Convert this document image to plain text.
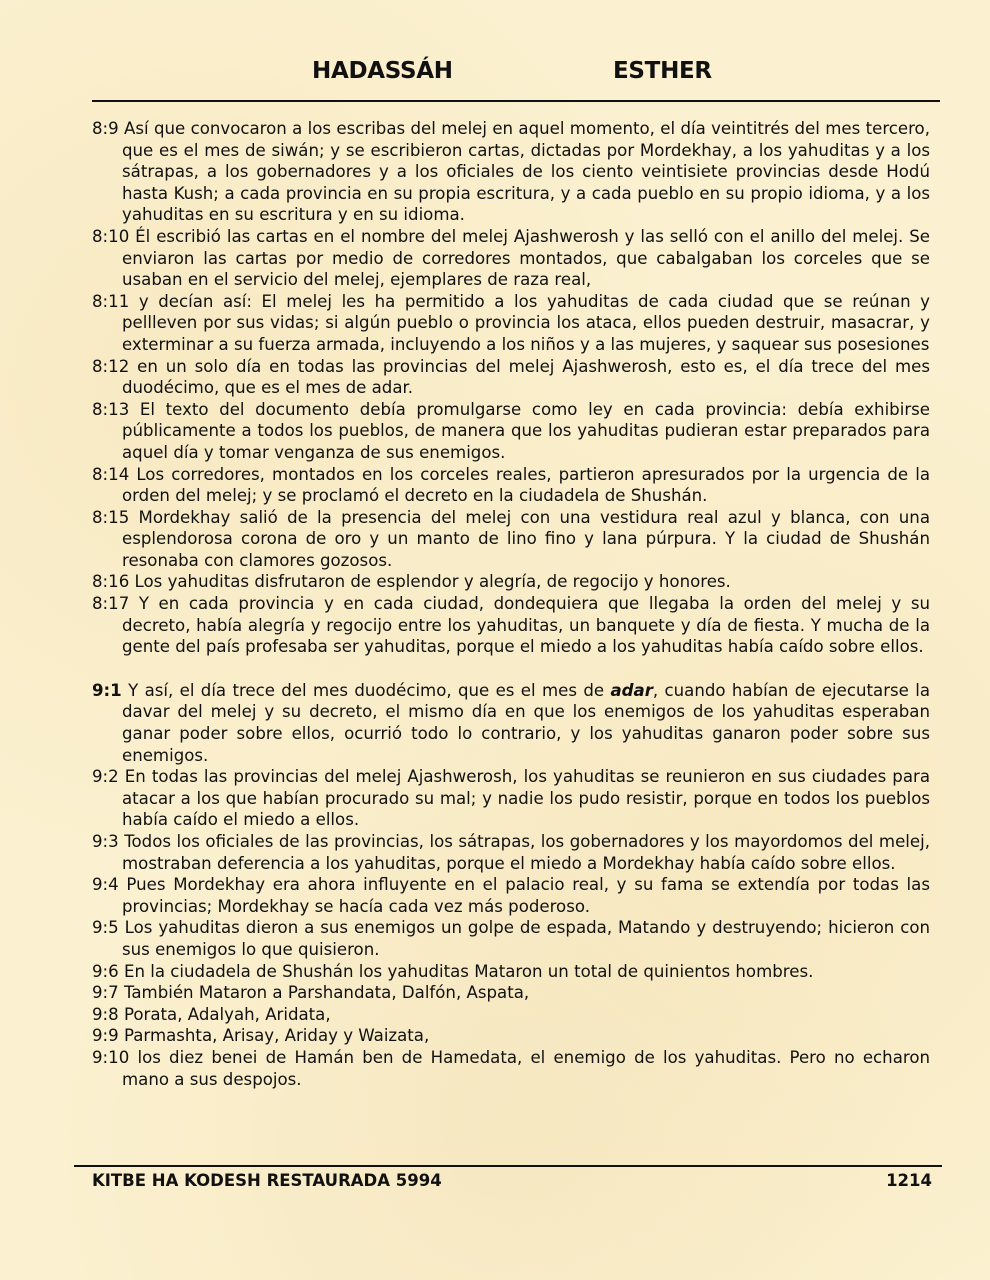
HADASSÁH	ESTHER

8:9 Así que convocaron a los escribas del melej en aquel momento, el día veintitrés del mes tercero, que es el mes de siwán; y se escribieron cartas, dictadas por Mordekhay, a los yahuditas y a los sátrapas, a los gobernadores y a los oficiales de los ciento veintisiete provincias desde Hodú hasta Kush; a cada provincia en su propia escritura, y a cada pueblo en su propio idioma, y a los yahuditas en su escritura y en su idioma.

8:10 Él escribió las cartas en el nombre del melej Ajashwerosh y las selló con el anillo del melej. Se enviaron las cartas por medio de corredores montados, que cabalgaban los corceles que se usaban en el servicio del melej, ejemplares de raza real,

8:11 y decían así: El melej les ha permitido a los yahuditas de cada ciudad que se reúnan y pellleven por sus vidas; si algún pueblo o provincia los ataca, ellos pueden destruir, masacrar, y exterminar a su fuerza armada, incluyendo a los niños y a las mujeres, y saquear sus posesiones

8:12 en un solo día en todas las provincias del melej Ajashwerosh, esto es, el día trece del mes duodécimo, que es el mes de adar.

8:13 El texto del documento debía promulgarse como ley en cada provincia: debía exhibirse públicamente a todos los pueblos, de manera que los yahuditas pudieran estar preparados para aquel día y tomar venganza de sus enemigos.

8:14 Los corredores, montados en los corceles reales, partieron apresurados por la urgencia de la orden del melej; y se proclamó el decreto en la ciudadela de Shushán.

8:15 Mordekhay salió de la presencia del melej con una vestidura real azul y blanca, con una esplendorosa corona de oro y un manto de lino fino y lana púrpura. Y la ciudad de Shushán resonaba con clamores gozosos.

8:16 Los yahuditas disfrutaron de esplendor y alegría, de regocijo y honores.

8:17 Y en cada provincia y en cada ciudad, dondequiera que llegaba la orden del melej y su decreto, había alegría y regocijo entre los yahuditas, un banquete y día de fiesta. Y mucha de la gente del país profesaba ser yahuditas, porque el miedo a los yahuditas había caído sobre ellos.

9:1 Y así, el día trece del mes duodécimo, que es el mes de adar, cuando habían de ejecutarse la davar del melej y su decreto, el mismo día en que los enemigos de los yahuditas esperaban ganar poder sobre ellos, ocurrió todo lo contrario, y los yahuditas ganaron poder sobre sus enemigos.

9:2 En todas las provincias del melej Ajashwerosh, los yahuditas se reunieron en sus ciudades para atacar a los que habían procurado su mal; y nadie los pudo resistir, porque en todos los pueblos había caído el miedo a ellos.

9:3 Todos los oficiales de las provincias, los sátrapas, los gobernadores y los mayordomos del melej, mostraban deferencia a los yahuditas, porque el miedo a Mordekhay había caído sobre ellos.

9:4 Pues Mordekhay era ahora influyente en el palacio real, y su fama se extendía por todas las provincias; Mordekhay se hacía cada vez más poderoso.

9:5 Los yahuditas dieron a sus enemigos un golpe de espada, Matando y destruyendo; hicieron con sus enemigos lo que quisieron.

9:6 En la ciudadela de Shushán los yahuditas Mataron un total de quinientos hombres.

9:7 También Mataron a Parshandata, Dalfón, Aspata,

9:8 Porata, Adalyah, Aridata,

9:9 Parmashta, Arisay, Ariday y Waizata,

9:10 los diez benei de Hamán ben de Hamedata, el enemigo de los yahuditas. Pero no echaron mano a sus despojos.

KITBE HA KODESH RESTAURADA 5994	1214
